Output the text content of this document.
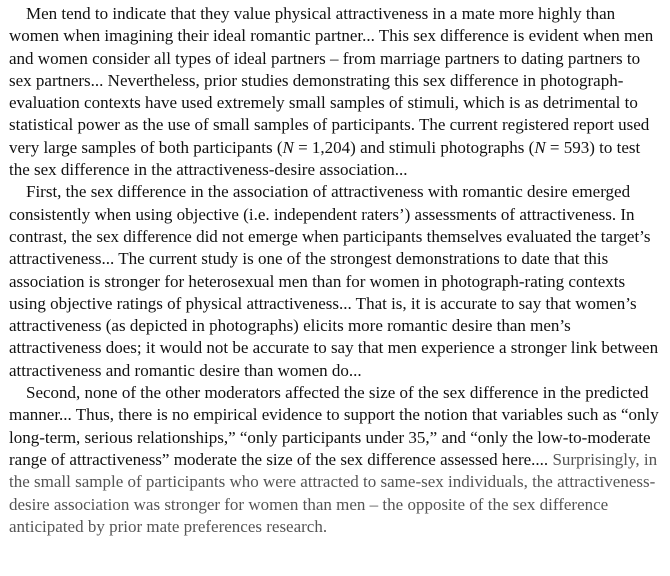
Men tend to indicate that they value physical attractiveness in a mate more highly than women when imagining their ideal romantic partner... This sex difference is evident when men and women consider all types of ideal partners – from marriage partners to dating partners to sex partners... Nevertheless, prior studies demonstrating this sex difference in photograph-evaluation contexts have used extremely small samples of stimuli, which is as detrimental to statistical power as the use of small samples of participants. The current registered report used very large samples of both participants (N = 1,204) and stimuli photographs (N = 593) to test the sex difference in the attractiveness-desire association...

First, the sex difference in the association of attractiveness with romantic desire emerged consistently when using objective (i.e. independent raters’) assessments of attractiveness. In contrast, the sex difference did not emerge when participants themselves evaluated the target’s attractiveness... The current study is one of the strongest demonstrations to date that this association is stronger for heterosexual men than for women in photograph-rating contexts using objective ratings of physical attractiveness... That is, it is accurate to say that women’s attractiveness (as depicted in photographs) elicits more romantic desire than men’s attractiveness does; it would not be accurate to say that men experience a stronger link between attractiveness and romantic desire than women do...

Second, none of the other moderators affected the size of the sex difference in the predicted manner... Thus, there is no empirical evidence to support the notion that variables such as “only long-term, serious relationships,” “only participants under 35,” and “only the low-to-moderate range of attractiveness” moderate the size of the sex difference assessed here.... Surprisingly, in the small sample of participants who were attracted to same-sex individuals, the attractiveness-desire association was stronger for women than men – the opposite of the sex difference anticipated by prior mate preferences research.
